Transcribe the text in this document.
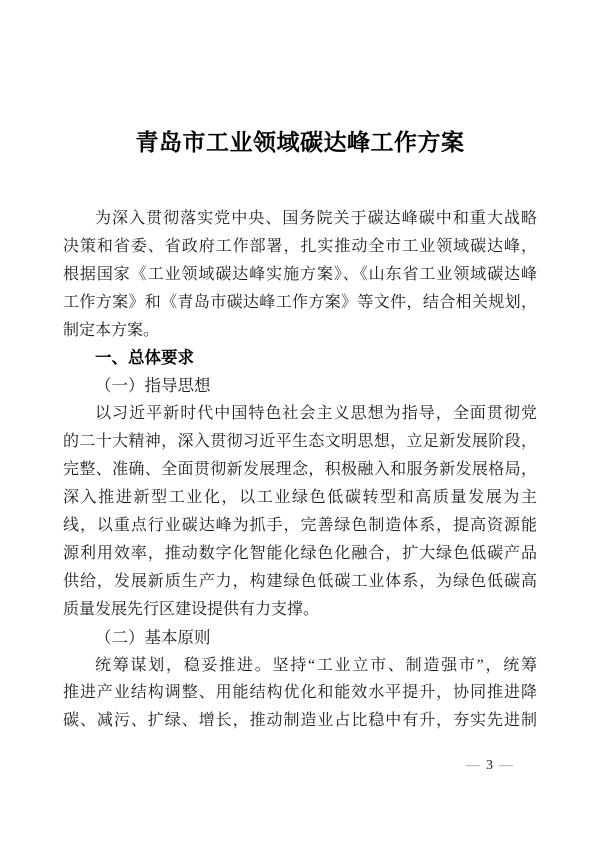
青岛市工业领域碳达峰工作方案
为深入贯彻落实党中央、国务院关于碳达峰碳中和重大战略
决策和省委、省政府工作部署，扎实推动全市工业领域碳达峰，
根据国家《工业领域碳达峰实施方案》、《山东省工业领域碳达峰
工作方案》和《青岛市碳达峰工作方案》等文件，结合相关规划，
制定本方案。
一、总体要求
（一）指导思想
以习近平新时代中国特色社会主义思想为指导，全面贯彻党
的二十大精神，深入贯彻习近平生态文明思想，立足新发展阶段，
完整、准确、全面贯彻新发展理念，积极融入和服务新发展格局，
深入推进新型工业化，以工业绿色低碳转型和高质量发展为主
线，以重点行业碳达峰为抓手，完善绿色制造体系，提高资源能
源利用效率，推动数字化智能化绿色化融合，扩大绿色低碳产品
供给，发展新质生产力，构建绿色低碳工业体系，为绿色低碳高
质量发展先行区建设提供有力支撑。
（二）基本原则
统筹谋划，稳妥推进。坚持“工业立市、制造强市”，统筹
推进产业结构调整、用能结构优化和能效水平提升，协同推进降
碳、减污、扩绿、增长，推动制造业占比稳中有升，夯实先进制
— 3 —
